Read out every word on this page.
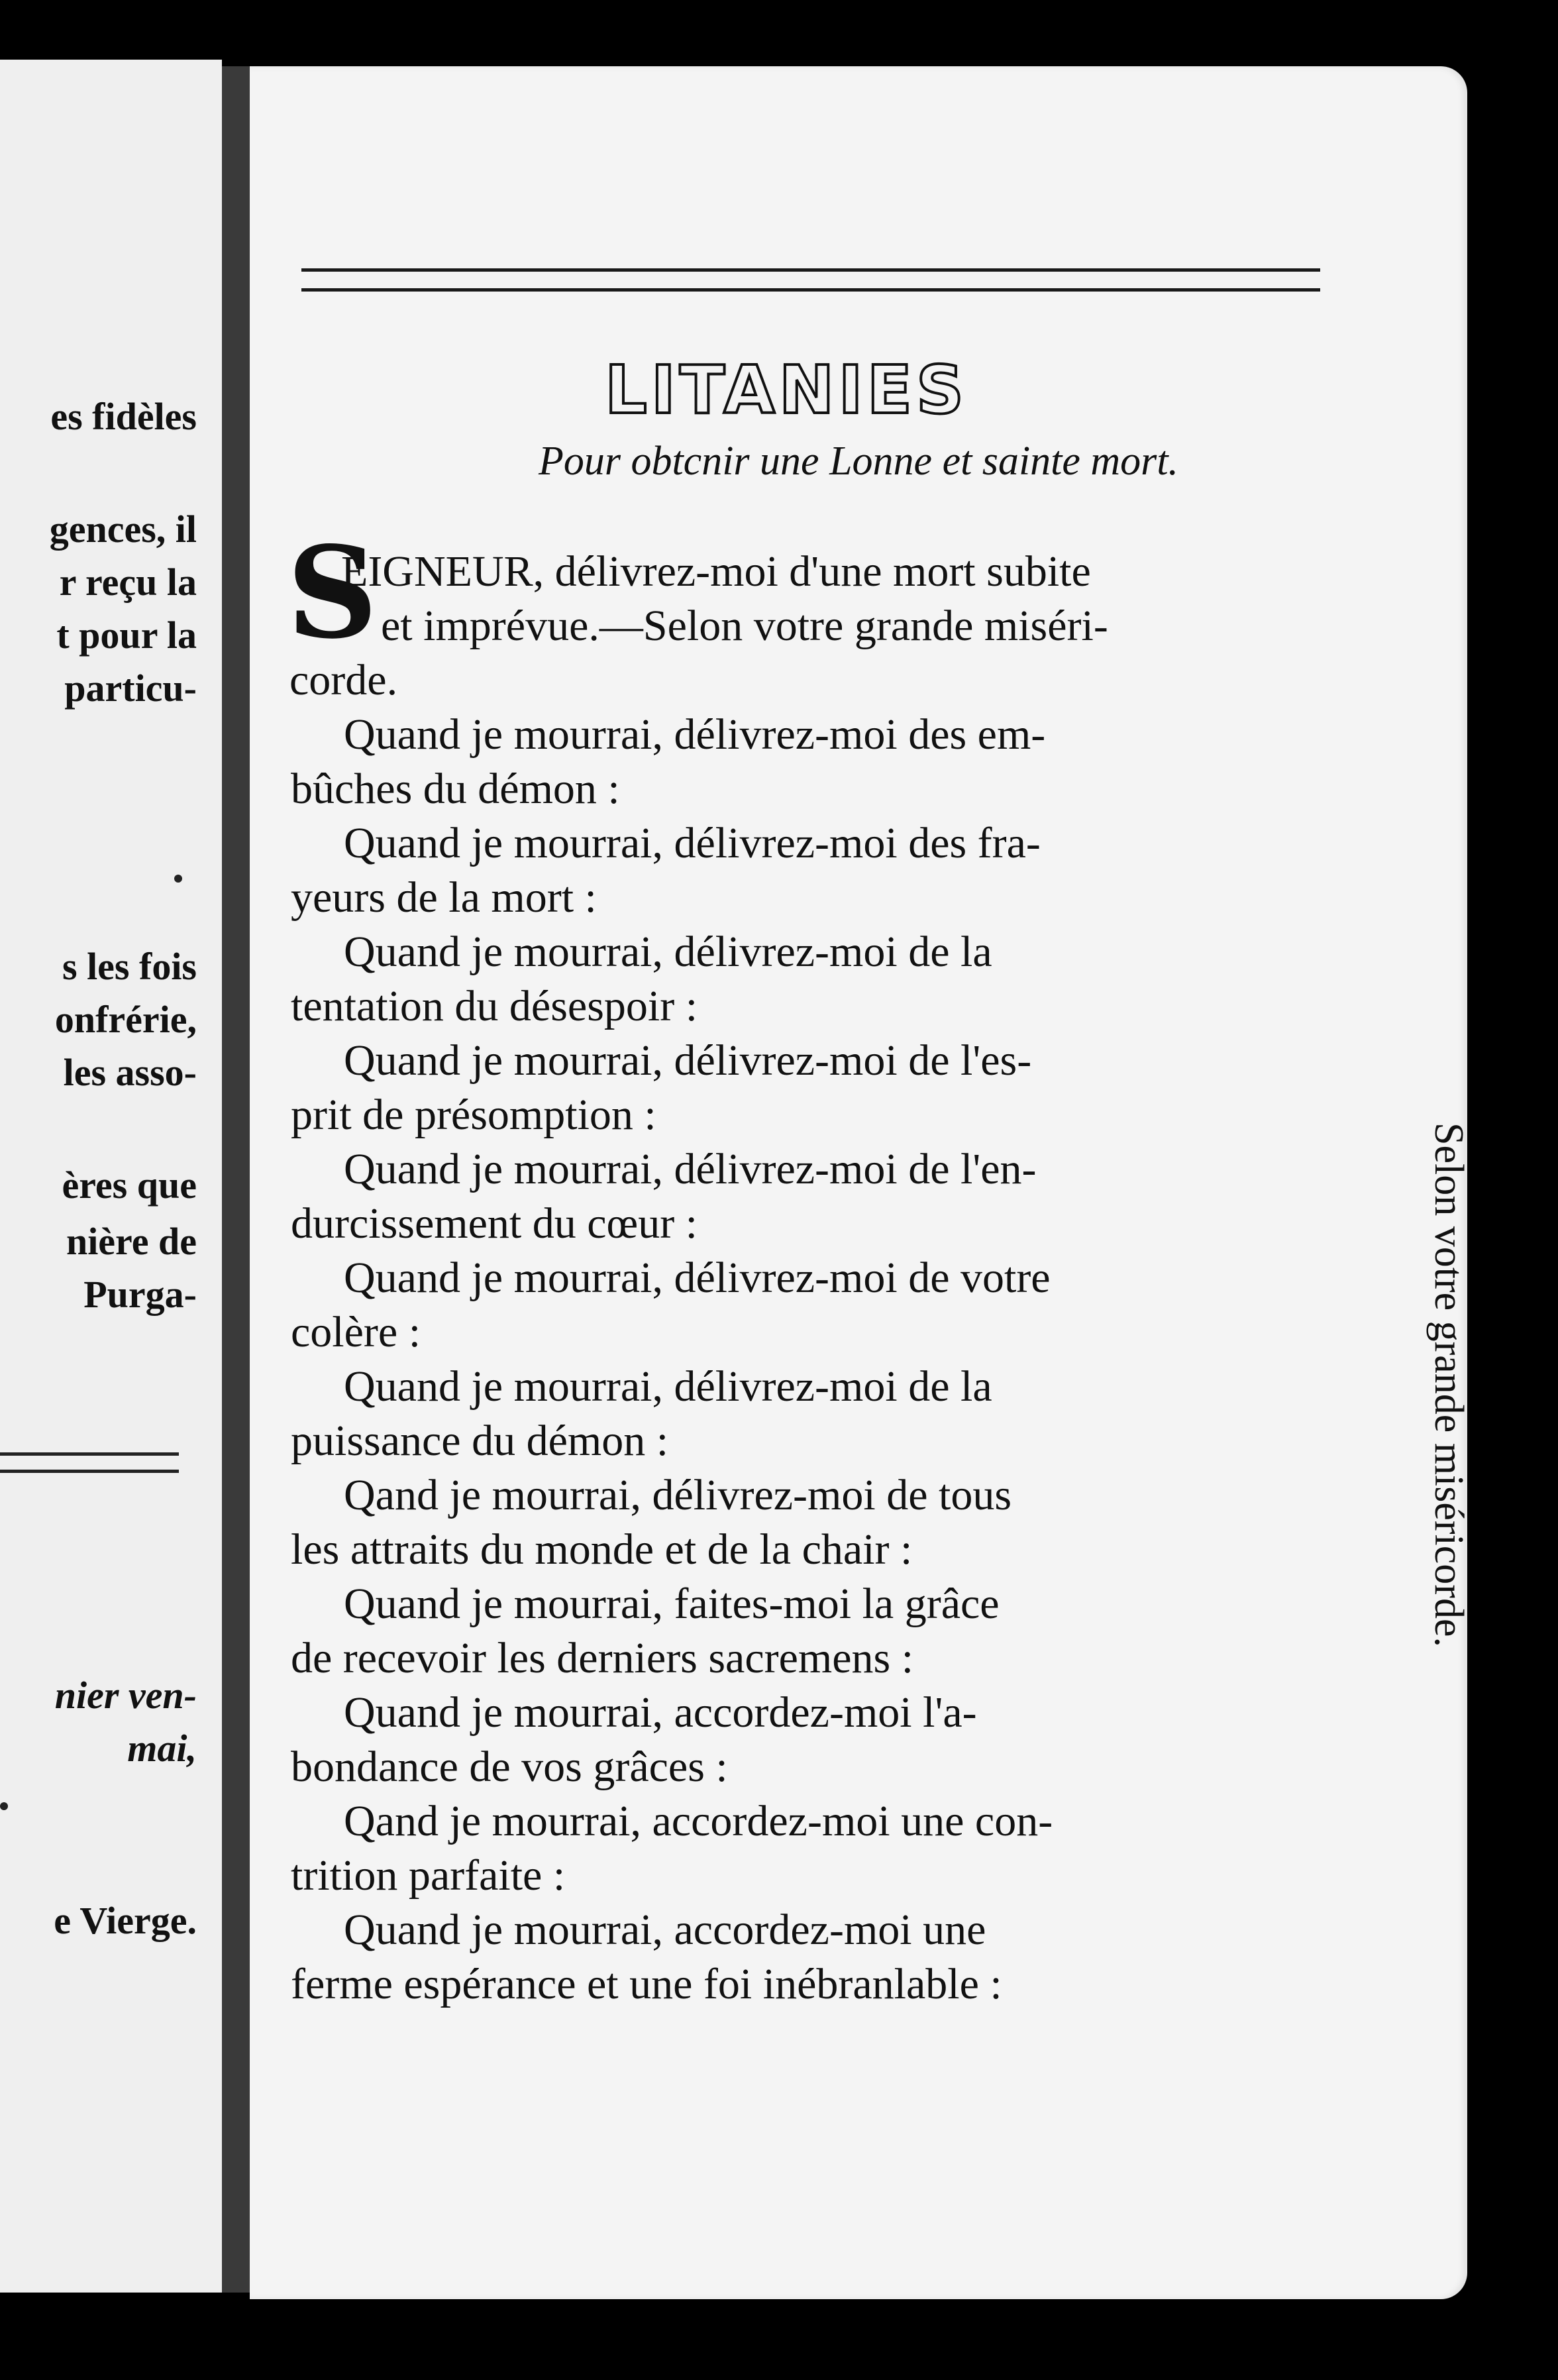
es fidèles
gences, il
r reçu la
t pour la
particu-
s les fois
onfrérie,
les asso-
ères que
nière de
Purga-
nier ven-
mai,
e Vierge.
LITANIES
Pour obtcnir une Lonne et sainte mort.
S
EIGNEUR, délivrez-moi d'une mort subite
et imprévue.—Selon votre grande miséri-
corde.
Quand je mourrai, délivrez-moi des em-
bûches du démon :
Quand je mourrai, délivrez-moi des fra-
yeurs de la mort :
Quand je mourrai, délivrez-moi de la
tentation du désespoir :
Quand je mourrai, délivrez-moi de l'es-
prit de présomption :
Quand je mourrai, délivrez-moi de l'en-
durcissement du cœur :
Quand je mourrai, délivrez-moi de votre
colère :
Quand je mourrai, délivrez-moi de la
puissance du démon :
Qand je mourrai, délivrez-moi de tous
les attraits du monde et de la chair :
Quand je mourrai, faites-moi la grâce
de recevoir les derniers sacremens :
Quand je mourrai, accordez-moi l'a-
bondance de vos grâces :
Qand je mourrai, accordez-moi une con-
trition parfaite :
Quand je mourrai, accordez-moi une
ferme espérance et une foi inébranlable :
Selon votre grande miséricorde.
